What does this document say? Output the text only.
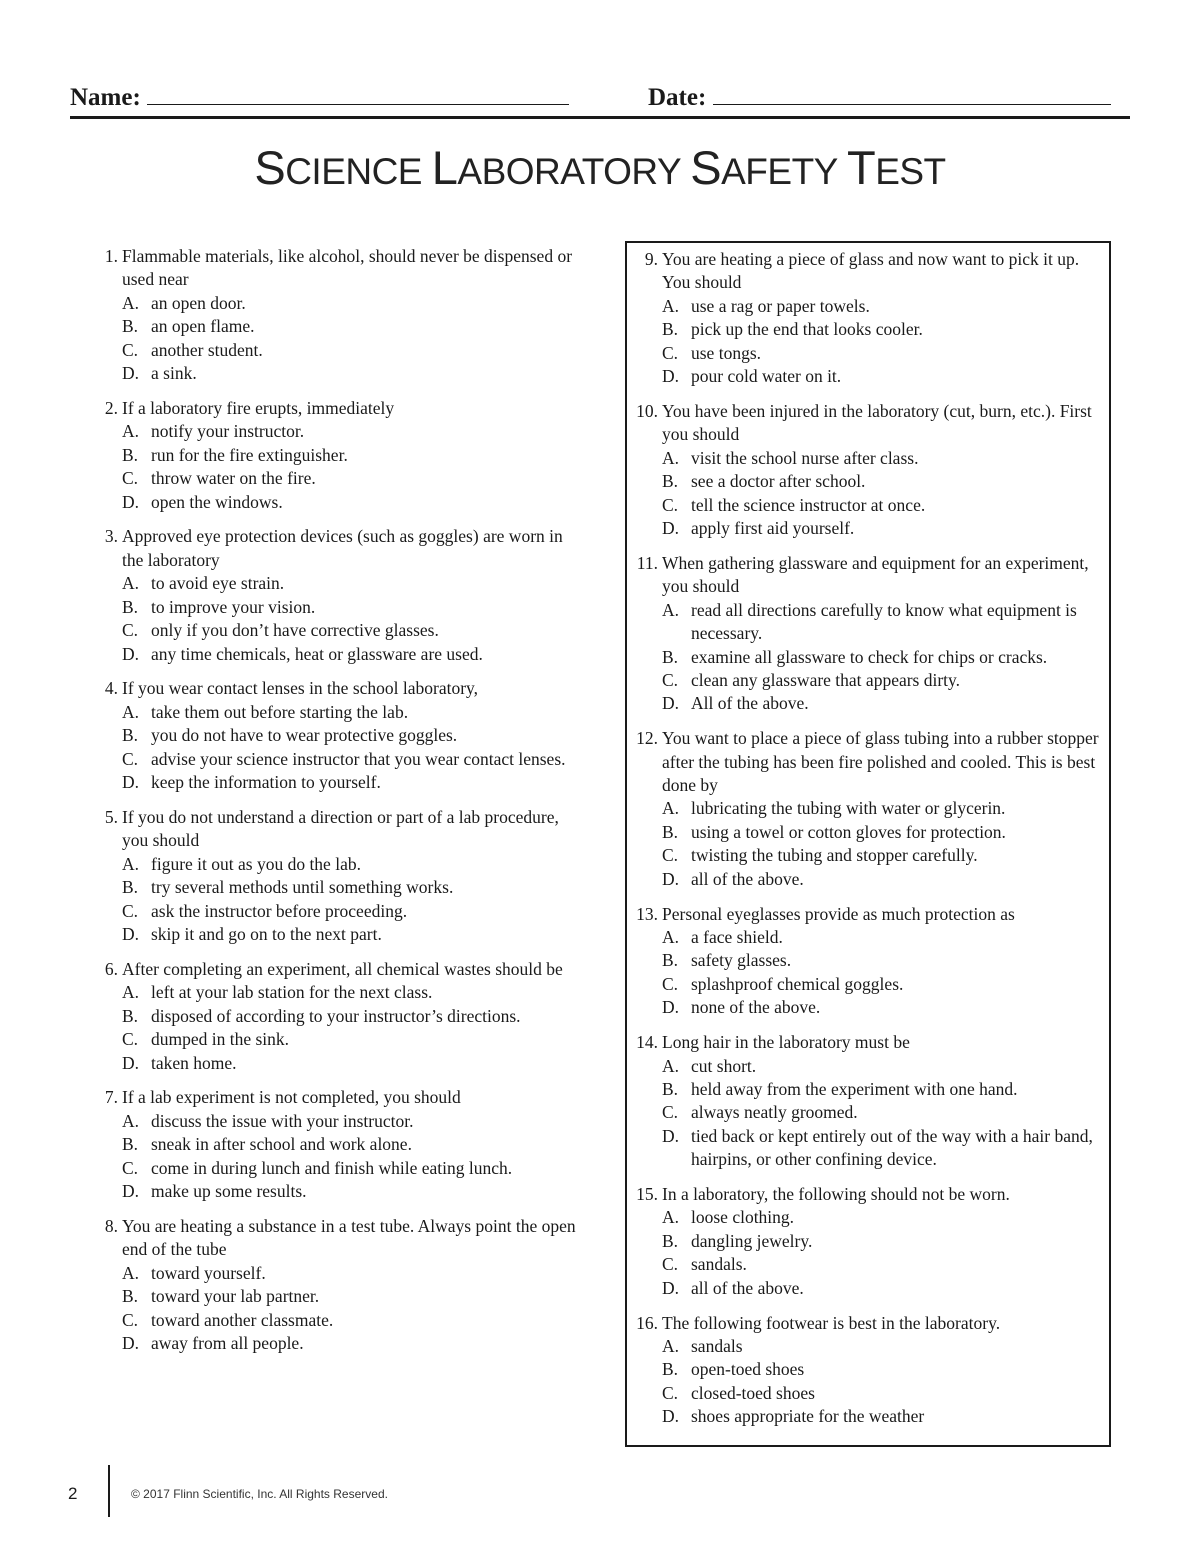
Name:	Date:
SCIENCE LABORATORY SAFETY TEST
1. Flammable materials, like alcohol, should never be dispensed or used near
A. an open door.
B. an open flame.
C. another student.
D. a sink.
2. If a laboratory fire erupts, immediately
A. notify your instructor.
B. run for the fire extinguisher.
C. throw water on the fire.
D. open the windows.
3. Approved eye protection devices (such as goggles) are worn in the laboratory
A. to avoid eye strain.
B. to improve your vision.
C. only if you don’t have corrective glasses.
D. any time chemicals, heat or glassware are used.
4. If you wear contact lenses in the school laboratory,
A. take them out before starting the lab.
B. you do not have to wear protective goggles.
C. advise your science instructor that you wear contact lenses.
D. keep the information to yourself.
5. If you do not understand a direction or part of a lab procedure, you should
A. figure it out as you do the lab.
B. try several methods until something works.
C. ask the instructor before proceeding.
D. skip it and go on to the next part.
6. After completing an experiment, all chemical wastes should be
A. left at your lab station for the next class.
B. disposed of according to your instructor’s directions.
C. dumped in the sink.
D. taken home.
7. If a lab experiment is not completed, you should
A. discuss the issue with your instructor.
B. sneak in after school and work alone.
C. come in during lunch and finish while eating lunch.
D. make up some results.
8. You are heating a substance in a test tube. Always point the open end of the tube
A. toward yourself.
B. toward your lab partner.
C. toward another classmate.
D. away from all people.
9. You are heating a piece of glass and now want to pick it up. You should
A. use a rag or paper towels.
B. pick up the end that looks cooler.
C. use tongs.
D. pour cold water on it.
10. You have been injured in the laboratory (cut, burn, etc.). First you should
A. visit the school nurse after class.
B. see a doctor after school.
C. tell the science instructor at once.
D. apply first aid yourself.
11. When gathering glassware and equipment for an experiment, you should
A. read all directions carefully to know what equipment is necessary.
B. examine all glassware to check for chips or cracks.
C. clean any glassware that appears dirty.
D. All of the above.
12. You want to place a piece of glass tubing into a rubber stopper after the tubing has been fire polished and cooled. This is best done by
A. lubricating the tubing with water or glycerin.
B. using a towel or cotton gloves for protection.
C. twisting the tubing and stopper carefully.
D. all of the above.
13. Personal eyeglasses provide as much protection as
A. a face shield.
B. safety glasses.
C. splashproof chemical goggles.
D. none of the above.
14. Long hair in the laboratory must be
A. cut short.
B. held away from the experiment with one hand.
C. always neatly groomed.
D. tied back or kept entirely out of the way with a hair band, hairpins, or other confining device.
15. In a laboratory, the following should not be worn.
A. loose clothing.
B. dangling jewelry.
C. sandals.
D. all of the above.
16. The following footwear is best in the laboratory.
A. sandals
B. open-toed shoes
C. closed-toed shoes
D. shoes appropriate for the weather
2	© 2017 Flinn Scientific, Inc. All Rights Reserved.
